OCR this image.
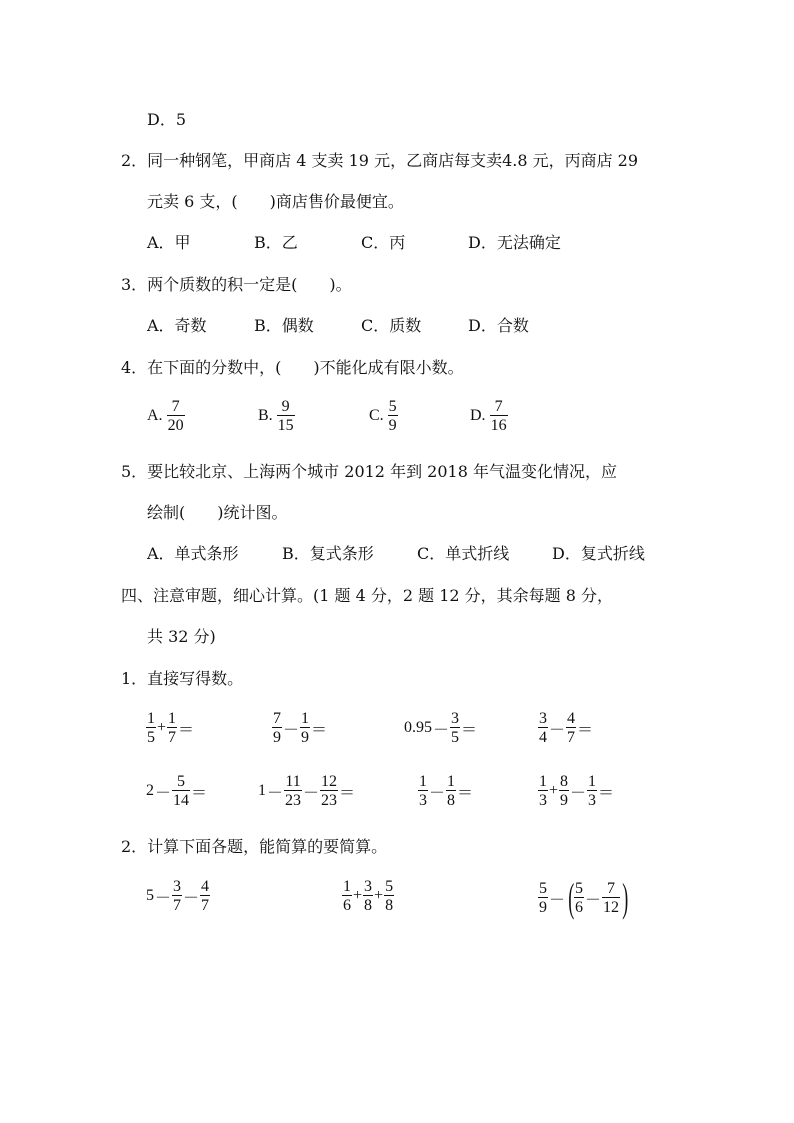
D．5
2．同一种钢笔，甲商店 4 支卖 19 元，乙商店每支卖4.8 元，丙商店 29
元卖 6 支，(　　)商店售价最便宜。
A．甲	B．乙	C．丙	D．无法确定
3．两个质数的积一定是(　　)。
A．奇数	B．偶数	C．质数	D．合数
4．在下面的分数中，(　　)不能化成有限小数。
A.
$\frac{7}{20}$	B.
$\frac{9}{15}$	C.
$\frac{5}{9}$	D.
$\frac{7}{16}$
5．要比较北京、上海两个城市 2012 年到 2018 年气温变化情况，应
绘制(　　)统计图。
A．单式条形	B．复式条形	C．单式折线	D．复式折线
四、注意审题，细心计算。(1 题 4 分，2 题 12 分，其余每题 8 分，
共 32 分)
1．直接写得数。
$\frac{1}{5} + \frac{1}{7}$ ＝	$\frac{7}{9} - \frac{1}{9}$ ＝	$0.95 - \frac{3}{5}$ ＝	$\frac{3}{4} - \frac{4}{7}$ ＝
$2 - \frac{5}{14}$ ＝	$1 - \frac{11}{23} - \frac{12}{23}$ ＝	$\frac{1}{3} - \frac{1}{8}$ ＝	$\frac{1}{3} + \frac{8}{9} - \frac{1}{3}$ ＝
2．计算下面各题，能简算的要简算。
$5 - \frac{3}{7} - \frac{4}{7}$	$\frac{1}{6} + \frac{3}{8} + \frac{5}{8}$	$\frac{5}{9}$ － ( $\frac{5}{6} - \frac{7}{12}$ )
